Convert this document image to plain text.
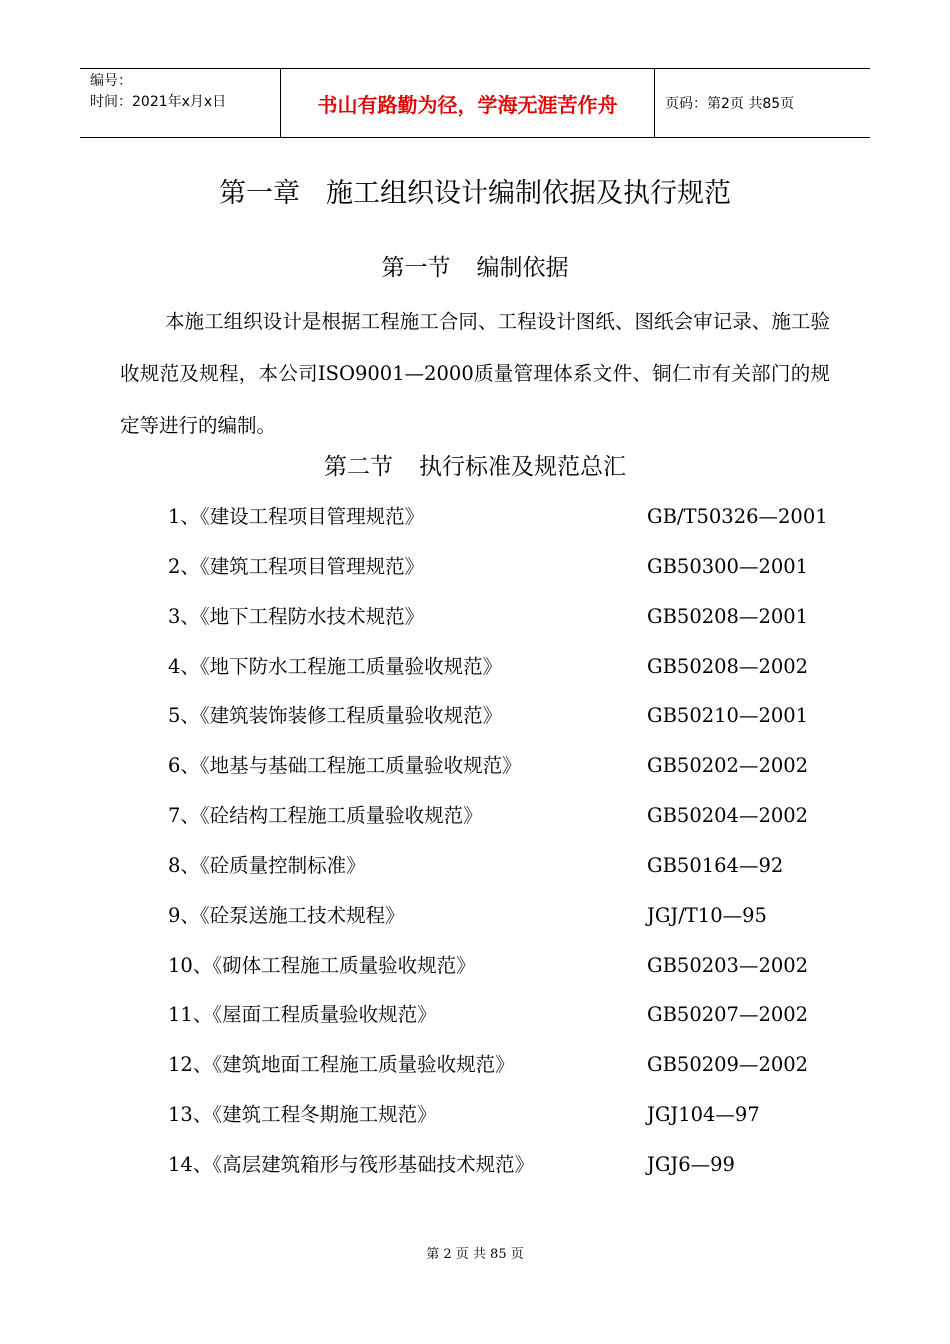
编号：
时间：2021年x月x日	书山有路勤为径，学海无涯苦作舟	页码：第2页 共85页
第一章 施工组织设计编制依据及执行规范
第一节 编制依据

本施工组织设计是根据工程施工合同、工程设计图纸、图纸会审记录、施工验收规范及规程，本公司ISO9001—2000质量管理体系文件、铜仁市有关部门的规定等进行的编制。

第二节 执行标准及规范总汇
1、《建设工程项目管理规范》	GB/T50326—2001
2、《建筑工程项目管理规范》	GB50300—2001
3、《地下工程防水技术规范》	GB50208—2001
4、《地下防水工程施工质量验收规范》	GB50208—2002
5、《建筑装饰装修工程质量验收规范》	GB50210—2001
6、《地基与基础工程施工质量验收规范》	GB50202—2002
7、《砼结构工程施工质量验收规范》	GB50204—2002
8、《砼质量控制标准》	GB50164—92
9、《砼泵送施工技术规程》	JGJ/T10—95
10、《砌体工程施工质量验收规范》	GB50203—2002
11、《屋面工程质量验收规范》	GB50207—2002
12、《建筑地面工程施工质量验收规范》	GB50209—2002
13、《建筑工程冬期施工规范》	JGJ104—97
14、《高层建筑箱形与筏形基础技术规范》	JGJ6—99
第 2 页 共 85 页
